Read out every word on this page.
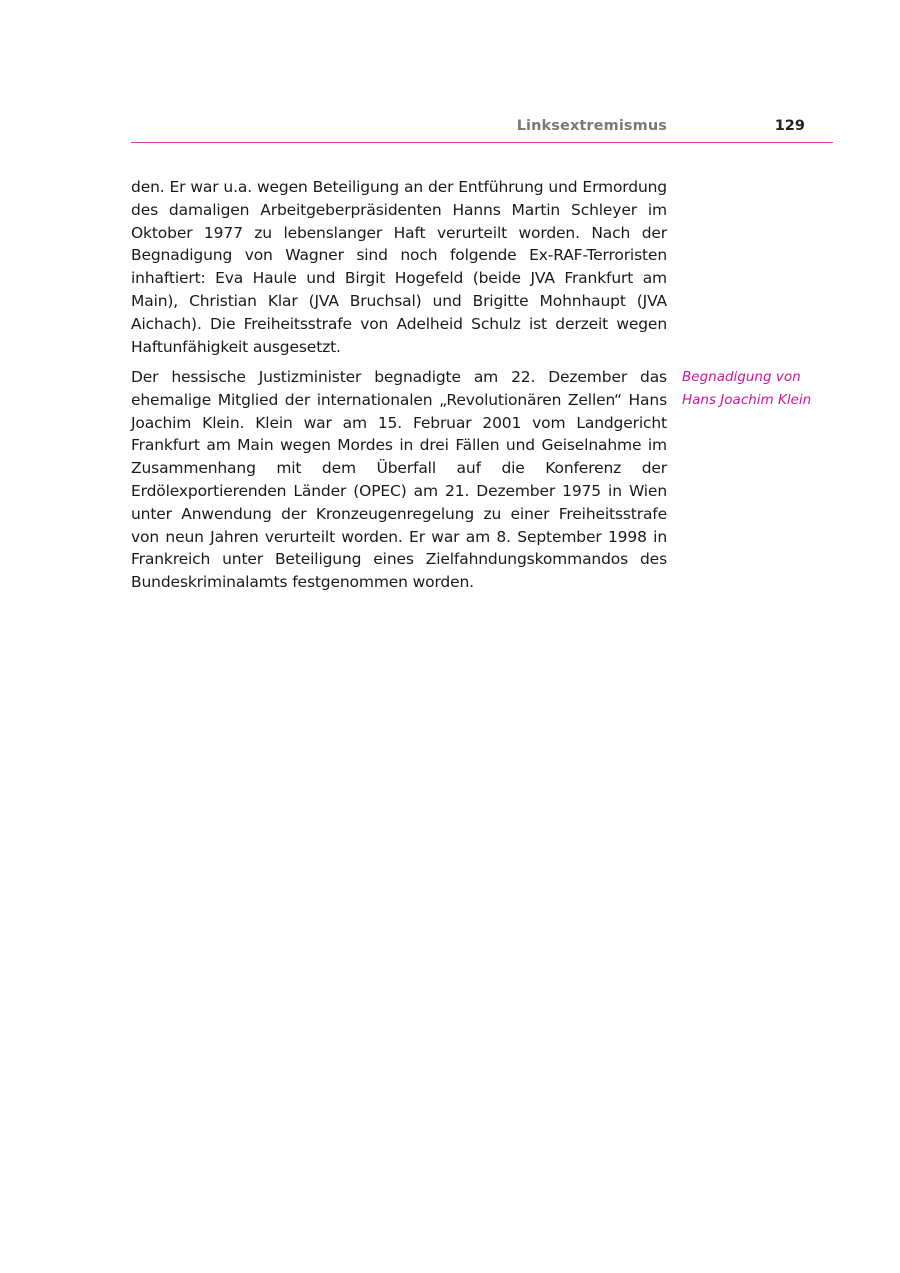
Linksextremismus	129

den. Er war u.a. wegen Beteiligung an der Entführung und Ermordung des damaligen Arbeitgeberpräsidenten Hanns Martin Schleyer im Oktober 1977 zu lebenslanger Haft verurteilt worden. Nach der Begnadigung von Wagner sind noch folgende Ex-RAF-Terroristen inhaftiert: Eva Haule und Birgit Hogefeld (beide JVA Frankfurt am Main), Christian Klar (JVA Bruchsal) und Brigitte Mohnhaupt (JVA Aichach). Die Freiheitsstrafe von Adelheid Schulz ist derzeit wegen Haftunfähigkeit ausgesetzt.

Der hessische Justizminister begnadigte am 22. Dezember das ehemalige Mitglied der internationalen „Revolutionären Zellen“ Hans Joachim Klein. Klein war am 15. Februar 2001 vom Landgericht Frankfurt am Main wegen Mordes in drei Fällen und Geiselnahme im Zusammenhang mit dem Überfall auf die Konferenz der Erdölexportierenden Länder (OPEC) am 21. Dezember 1975 in Wien unter Anwendung der Kronzeugenregelung zu einer Freiheitsstrafe von neun Jahren verurteilt worden. Er war am 8. September 1998 in Frankreich unter Beteiligung eines Zielfahndungskommandos des Bundeskriminalamts festgenommen worden.

Begnadigung von
Hans Joachim Klein
